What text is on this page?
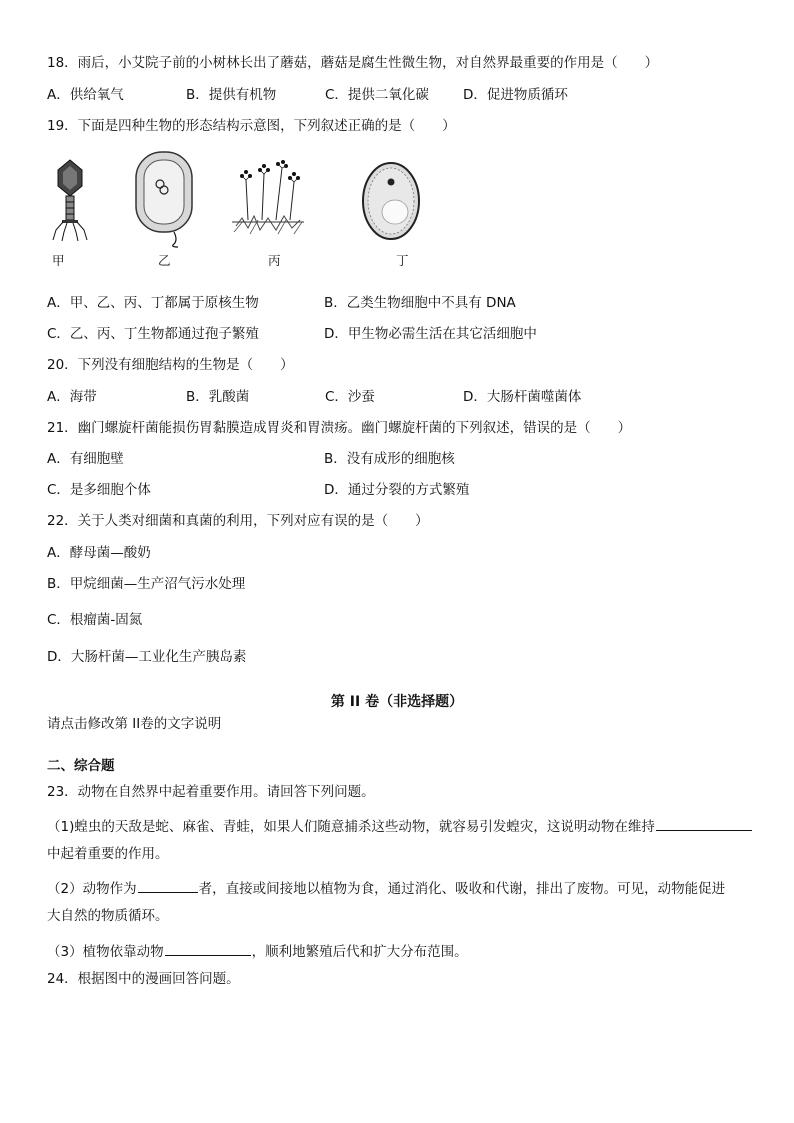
18．雨后，小艾院子前的小树林长出了蘑菇，蘑菇是腐生性微生物，对自然界最重要的作用是（　　）
A．供给氧气	B．提供有机物	C．提供二氧化碳	D．促进物质循环
19．下面是四种生物的形态结构示意图，下列叙述正确的是（　　）
甲	乙	丙	丁
A．甲、乙、丙、丁都属于原核生物	B．乙类生物细胞中不具有 DNA
C．乙、丙、丁生物都通过孢子繁殖	D．甲生物必需生活在其它活细胞中
20．下列没有细胞结构的生物是（　　）
A．海带	B．乳酸菌	C．沙蚕	D．大肠杆菌噬菌体
21．幽门螺旋杆菌能损伤胃黏膜造成胃炎和胃溃疡。幽门螺旋杆菌的下列叙述，错误的是（　　）
A．有细胞壁	B．没有成形的细胞核
C．是多细胞个体	D．通过分裂的方式繁殖
22．关于人类对细菌和真菌的利用，下列对应有误的是（　　）
A．酵母菌—酸奶
B．甲烷细菌—生产沼气污水处理
C．根瘤菌-固氮
D．大肠杆菌—工业化生产胰岛素
第 II 卷（非选择题）
请点击修改第 II卷的文字说明
二、综合题
23．动物在自然界中起着重要作用。请回答下列问题。
（1)蝗虫的天敌是蛇、麻雀、青蛙，如果人们随意捕杀这些动物，就容易引发蝗灾，这说明动物在维持
中起着重要的作用。
（2）动物作为	者，直接或间接地以植物为食，通过消化、吸收和代谢，排出了废物。可见，动物能促进
大自然的物质循环。
（3）植物依靠动物	，顺利地繁殖后代和扩大分布范围。
24．根据图中的漫画回答问题。
